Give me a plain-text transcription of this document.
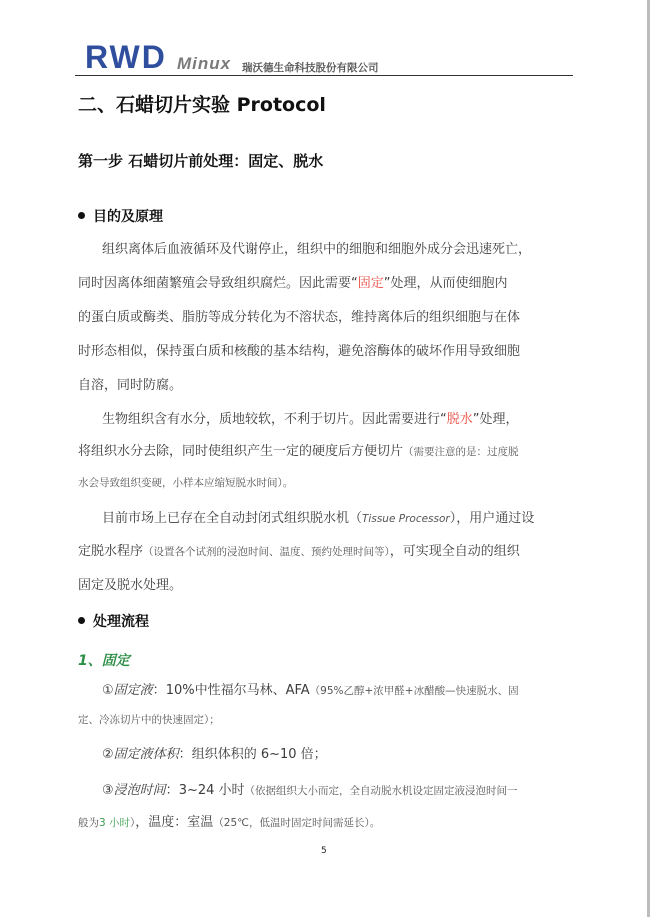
RWD Minux 瑞沃德生命科技股份有限公司
二、石蜡切片实验 Protocol
第一步 石蜡切片前处理：固定、脱水
目的及原理
组织离体后血液循环及代谢停止，组织中的细胞和细胞外成分会迅速死亡，
同时因离体细菌繁殖会导致组织腐烂。因此需要“固定”处理，从而使细胞内
的蛋白质或酶类、脂肪等成分转化为不溶状态，维持离体后的组织细胞与在体
时形态相似，保持蛋白质和核酸的基本结构，避免溶酶体的破坏作用导致细胞
自溶，同时防腐。
生物组织含有水分，质地较软，不利于切片。因此需要进行“脱水”处理，
将组织水分去除，同时使组织产生一定的硬度后方便切片（需要注意的是：过度脱
水会导致组织变硬，小样本应缩短脱水时间）。
目前市场上已存在全自动封闭式组织脱水机（Tissue Processor），用户通过设
定脱水程序（设置各个试剂的浸泡时间、温度、预约处理时间等），可实现全自动的组织
固定及脱水处理。
处理流程
1、固定
①固定液：10%中性福尔马林、AFA（95%乙醇+浓甲醛+冰醋酸—快速脱水、固
定、冷冻切片中的快速固定）；
②固定液体积：组织体积的 6~10 倍；
③浸泡时间：3~24 小时（依据组织大小而定，全自动脱水机设定固定液浸泡时间一
般为3 小时），温度：室温（25℃，低温时固定时间需延长）。
5
